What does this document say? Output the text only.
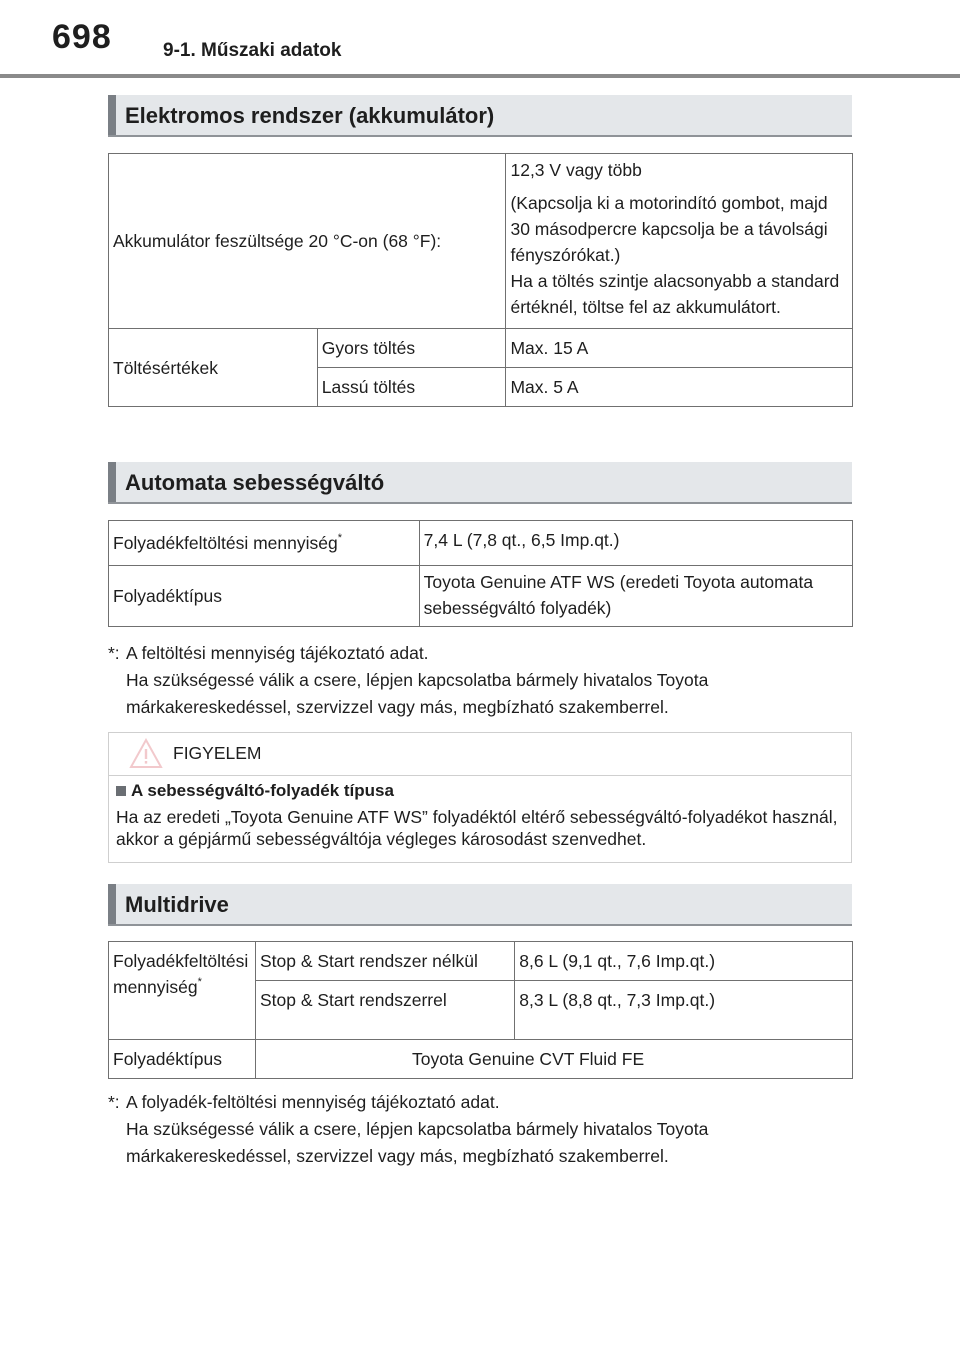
698	9-1. Műszaki adatok
Elektromos rendszer (akkumulátor)
Akkumulátor feszültsége 20 °C-on (68 °F):		12,3 V vagy több
(Kapcsolja ki a motorindító gombot, majd 30 másodpercre kapcsolja be a távolsági fényszórókat.)
Ha a töltés szintje alacsonyabb a standard értéknél, töltse fel az akkumulátort.

Töltésértékek	Gyors töltés	Max. 15 A
	Lassú töltés	Max. 5 A
Automata sebességváltó
Folyadékfeltöltési mennyiség*	7,4 L (7,8 qt., 6,5 Imp.qt.)
Folyadéktípus	Toyota Genuine ATF WS (eredeti Toyota automata sebességváltó folyadék)
*: A feltöltési mennyiség tájékoztató adat.
Ha szükségessé válik a csere, lépjen kapcsolatba bármely hivatalos Toyota márkakereskedéssel, szervizzel vagy más, megbízható szakemberrel.
FIGYELEM
A sebességváltó-folyadék típusa
Ha az eredeti „Toyota Genuine ATF WS” folyadéktól eltérő sebességváltó-folyadékot használ, akkor a gépjármű sebességváltója végleges károsodást szenvedhet.
Multidrive
Folyadékfeltöltési mennyiség*	Stop & Start rendszer nélkül	8,6 L (9,1 qt., 7,6 Imp.qt.)
	Stop & Start rendszerrel	8,3 L (8,8 qt., 7,3 Imp.qt.)
Folyadéktípus	Toyota Genuine CVT Fluid FE	
*: A folyadék-feltöltési mennyiség tájékoztató adat.
Ha szükségessé válik a csere, lépjen kapcsolatba bármely hivatalos Toyota márkakereskedéssel, szervizzel vagy más, megbízható szakemberrel.
